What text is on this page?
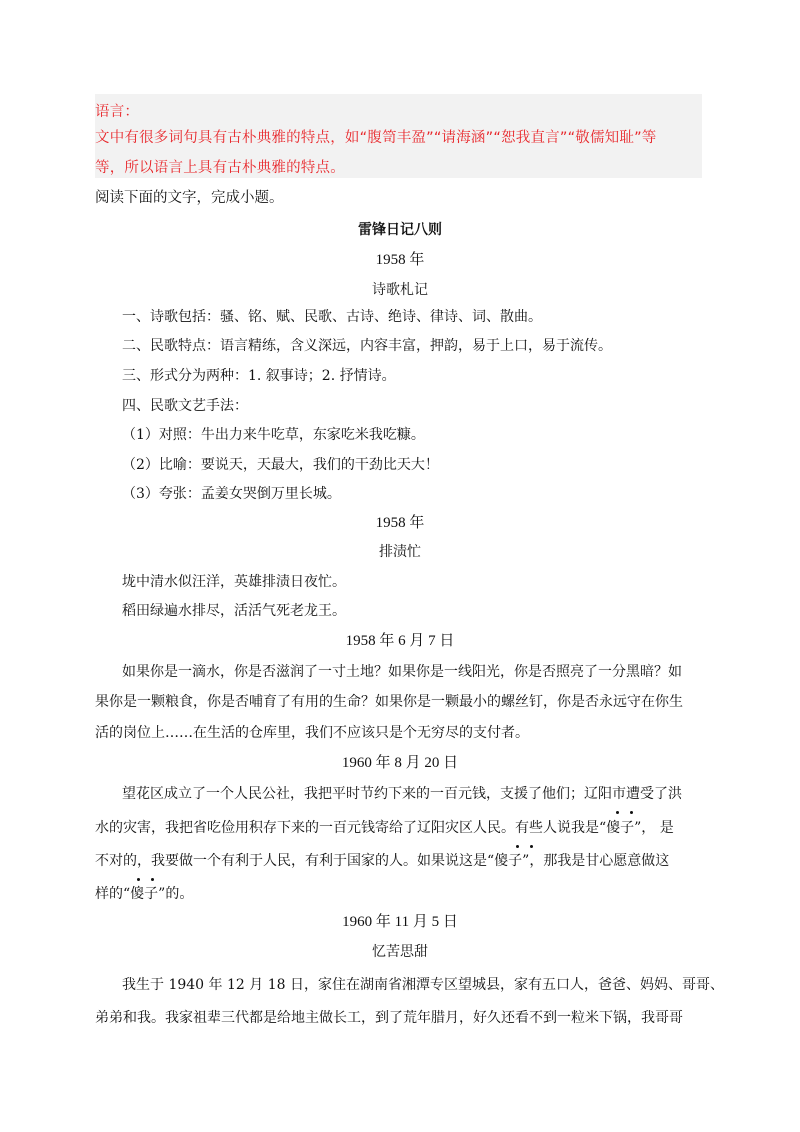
语言：

文中有很多词句具有古朴典雅的特点，如“腹笥丰盈”“请海涵”“恕我直言”“敬儒知耻”等

等，所以语言上具有古朴典雅的特点。

阅读下面的文字，完成小题。

雷锋日记八则

1958 年

诗歌札记

一、诗歌包括：骚、铭、赋、民歌、古诗、绝诗、律诗、词、散曲。

二、民歌特点：语言精练，含义深远，内容丰富，押韵，易于上口，易于流传。

三、形式分为两种：1. 叙事诗；2. 抒情诗。

四、民歌文艺手法：

（1）对照：牛出力来牛吃草，东家吃米我吃糠。

（2）比喻：要说天，天最大，我们的干劲比天大！

（3）夸张：孟姜女哭倒万里长城。

1958 年

排渍忙

垅中清水似汪洋，英雄排渍日夜忙。

稻田绿遍水排尽，活活气死老龙王。

1958 年 6 月 7 日

如果你是一滴水，你是否滋润了一寸土地？如果你是一线阳光，你是否照亮了一分黑暗？如

果你是一颗粮食，你是否哺育了有用的生命？如果你是一颗最小的螺丝钉，你是否永远守在你生

活的岗位上……在生活的仓库里，我们不应该只是个无穷尽的支付者。

1960 年 8 月 20 日

望花区成立了一个人民公社，我把平时节约下来的一百元钱，支援了他们；辽阳市遭受了洪

水的灾害，我把省吃俭用积存下来的一百元钱寄给了辽阳灾区人民。有些人说我是“傻子”， 是

不对的，我要做一个有利于人民，有利于国家的人。如果说这是“傻子”，那我是甘心愿意做这

样的“傻子”的。

1960 年 11 月 5 日

忆苦思甜

我生于 1940 年 12 月 18 日，家住在湖南省湘潭专区望城县，家有五口人，爸爸、妈妈、哥哥、

弟弟和我。我家祖辈三代都是给地主做长工，到了荒年腊月，好久还看不到一粒米下锅，我哥哥
